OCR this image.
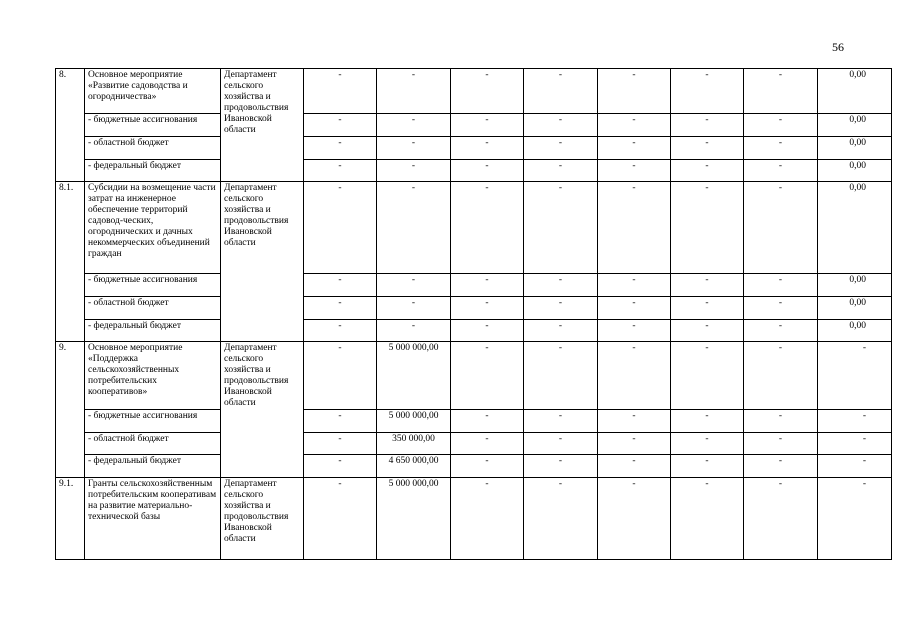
56
8.	Основное мероприятие «Развитие садоводства и огородничества»	Департамент сельского хозяйства и продовольствия Ивановской области	-	-	-	-	-	-	-	0,00
	- бюджетные ассигнования		-	-	-	-	-	-	-	0,00
	- областной бюджет		-	-	-	-	-	-	-	0,00
	- федеральный бюджет		-	-	-	-	-	-	-	0,00
8.1.	Субсидии на возмещение части затрат на инженерное обеспечение территорий садовод-ческих, огороднических и дачных некоммерческих объединений граждан	Департамент сельского хозяйства и продовольствия Ивановской области	-	-	-	-	-	-	-	0,00
	- бюджетные ассигнования		-	-	-	-	-	-	-	0,00
	- областной бюджет		-	-	-	-	-	-	-	0,00
	- федеральный бюджет		-	-	-	-	-	-	-	0,00
9.	Основное мероприятие «Поддержка сельскохозяйственных потребительских кооперативов»	Департамент сельского хозяйства и продовольствия Ивановской области	-	5 000 000,00	-	-	-	-	-	-
	- бюджетные ассигнования		-	5 000 000,00	-	-	-	-	-	-
	- областной бюджет		-	350 000,00	-	-	-	-	-	-
	- федеральный бюджет		-	4 650 000,00	-	-	-	-	-	-
9.1.	Гранты сельскохозяйственным потребительским кооперативам на развитие материально-технической базы	Департамент сельского хозяйства и продовольствия Ивановской области	-	5 000 000,00	-	-	-	-	-	-
